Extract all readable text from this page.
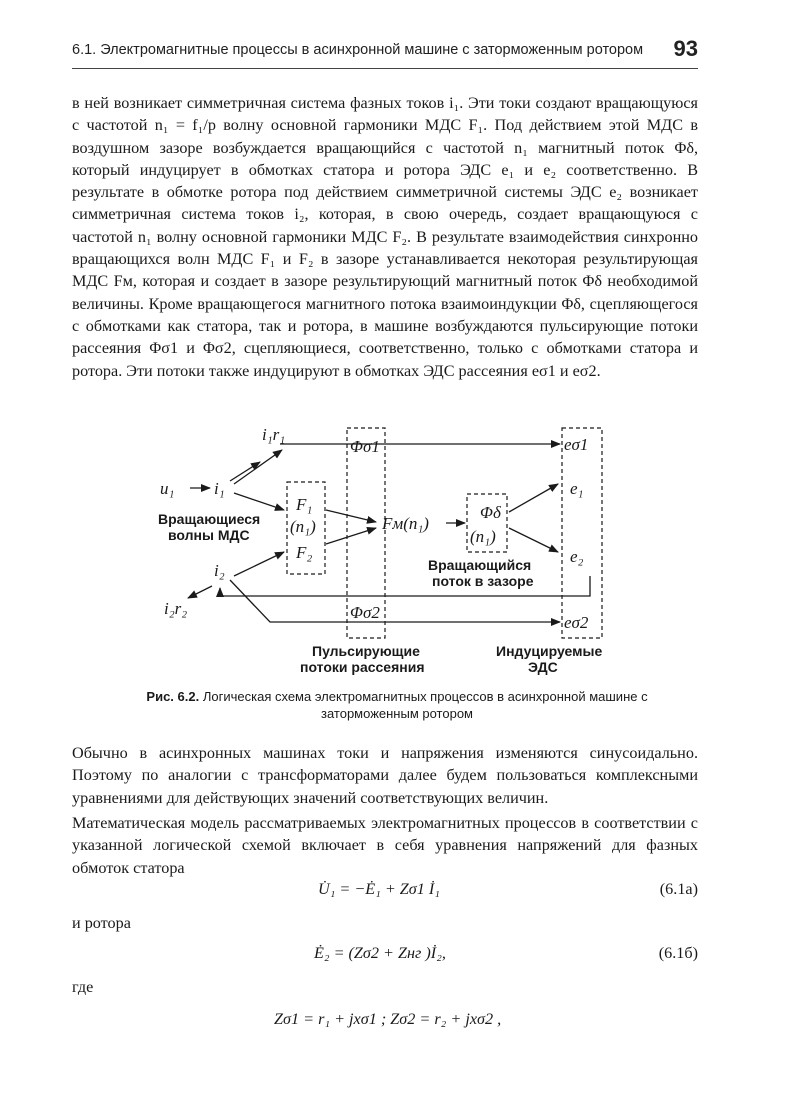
6.1. Электромагнитные процессы в асинхронной машине с заторможенным ротором 93

в ней возникает симметричная система фазных токов i₁. Эти токи создают вращающуюся с частотой n₁ = f₁/p волну основной гармоники МДС F₁. Под действием этой МДС в воздушном зазоре возбуждается вращающийся с частотой n₁ магнитный поток Φδ, который индуцирует в обмотках статора и ротора ЭДС e₁ и e₂ соответственно. В результате в обмотке ротора под действием симметричной системы ЭДС e₂ возникает симметричная система токов i₂, которая, в свою очередь, создает вращающуюся с частотой n₁ волну основной гармоники МДС F₂. В результате взаимодействия синхронно вращающихся волн МДС F₁ и F₂ в зазоре устанавливается некоторая результирующая МДС Fм, которая и создает в зазоре результирующий магнитный поток Φδ необходимой величины. Кроме вращающегося магнитного потока взаимоиндукции Φδ, сцепляющегося с обмотками как статора, так и ротора, в машине возбуждаются пульсирующие потоки рассеяния Φσ1 и Φσ2, сцепляющиеся, соответственно, только с обмотками статора и ротора. Эти потоки также индуцируют в обмотках ЭДС рассеяния eσ1 и eσ2.

u₁ i₁
i₁r₁
Φσ1
F₁
(n₁)
F₂
Fм(n₁)
Φδ
(n₁)
eσ1
e₁
e₂
eσ2
Φσ2
i₂
i₂r₂
Вращающиеся
волны МДС
Вращающийся
поток в зазоре
Пульсирующие
потоки рассеяния
Индуцируемые
ЭДС
Рис. 6.2. Логическая схема электромагнитных процессов в асинхронной машине с заторможенным ротором

Обычно в асинхронных машинах токи и напряжения изменяются синусоидально. Поэтому по аналогии с трансформаторами далее будем пользоваться комплексными уравнениями для действующих значений соответствующих величин.

Математическая модель рассматриваемых электромагнитных процессов в соответствии с указанной логической схемой включает в себя уравнения напряжений для фазных обмоток статора

U̇₁ = −Ė₁ + Zσ1 İ₁	(6.1а)
и ротора
Ė₂ = (Zσ2 + Zнг )İ₂,	(6.1б)
где
Zσ1 = r₁ + jxσ1 ; Zσ2 = r₂ + jxσ2 ,
